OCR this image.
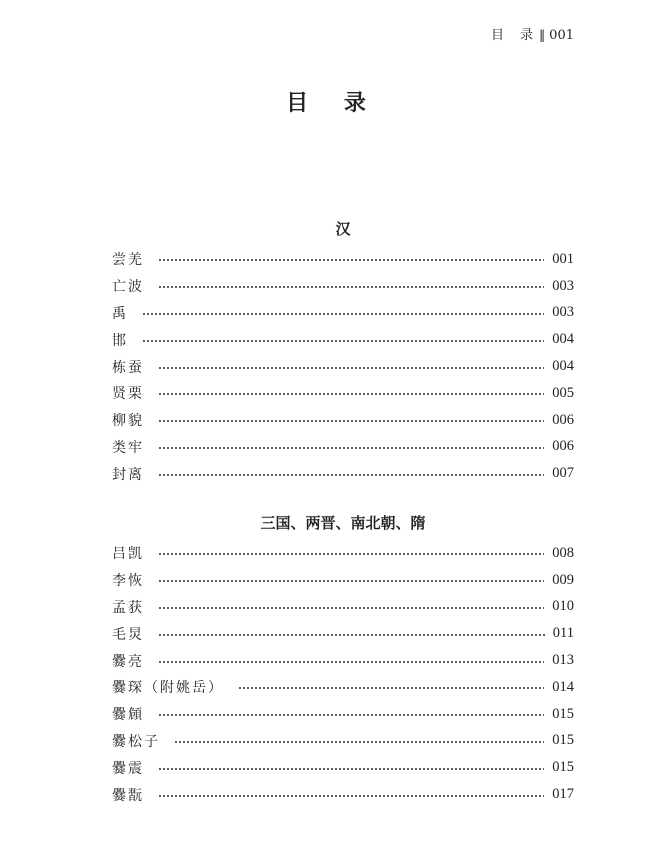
目 录‖ 001
目 录
汉
尝羌	001
亡波	003
禹	003
邯	004
栋蚕	004
贤栗	005
柳貌	006
类牢	006
封离	007
三国、两晋、南北朝、隋
吕凯	008
李恢	009
孟获	010
毛炅	011
爨亮	013
爨琛（附姚岳）	014
爨頠	015
爨松子	015
爨震	015
爨翫	017
